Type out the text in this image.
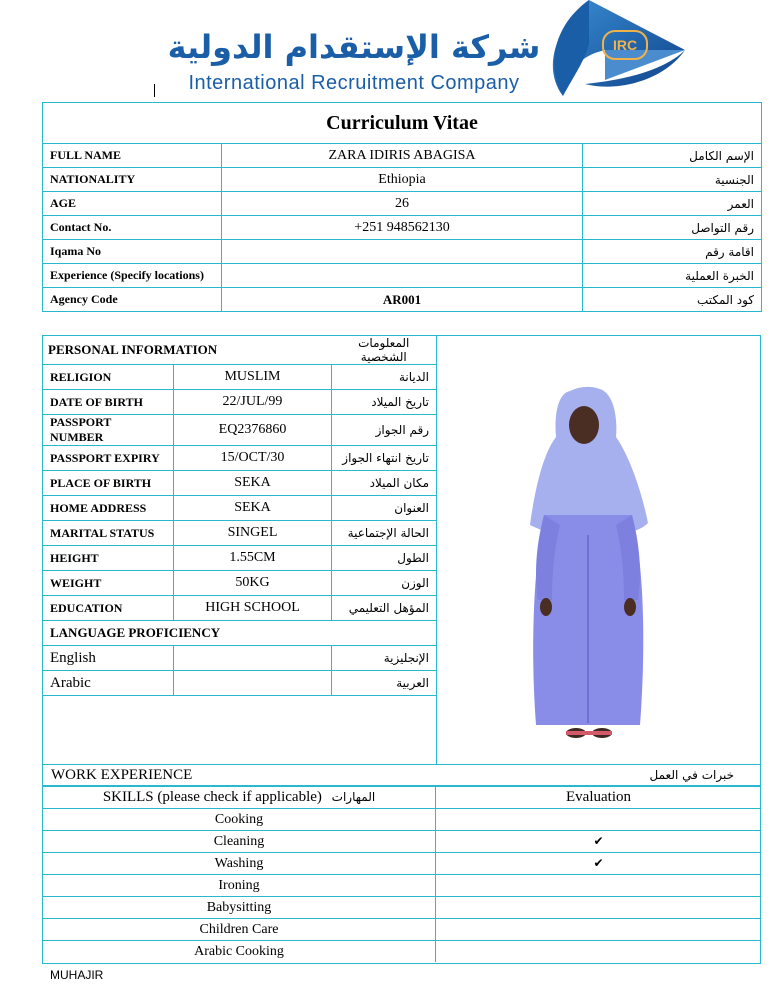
شركة الإستقدام الدولية
International Recruitment Company
IRC
Curriculum Vitae		
FULL NAME	ZARA IDIRIS ABAGISA	الإسم الكامل
NATIONALITY	Ethiopia	الجنسية
AGE	26	العمر
Contact No.	+251 948562130	رقم التواصل
Iqama No		اقامة رقم
Experience (Specify locations)		الخبرة العملية
Agency Code	AR001	كود المكتب
PERSONAL INFORMATION		المعلومات الشخصية
RELIGION	MUSLIM	الديانة
DATE OF BIRTH	22/JUL/99	تاريخ الميلاد
PASSPORT NUMBER	EQ2376860	رقم الجواز
PASSPORT EXPIRY	15/OCT/30	تاريخ انتهاء الجواز
PLACE OF BIRTH	SEKA	مكان الميلاد
HOME ADDRESS	SEKA	العنوان
MARITAL STATUS	SINGEL	الحالة الإجتماعية
HEIGHT	1.55CM	الطول
WEIGHT	50KG	الوزن
EDUCATION	HIGH SCHOOL	المؤهل التعليمي
LANGUAGE PROFICIENCY		
English		الإنجليزية
Arabic		العربية
WORK EXPERIENCE	خبرات في العمل
SKILLS (please check if applicable) المهارات	Evaluation
Cooking	
Cleaning	✔
Washing	✔
Ironing	
Babysitting	
Children Care	
Arabic Cooking	
MUHAJIR
